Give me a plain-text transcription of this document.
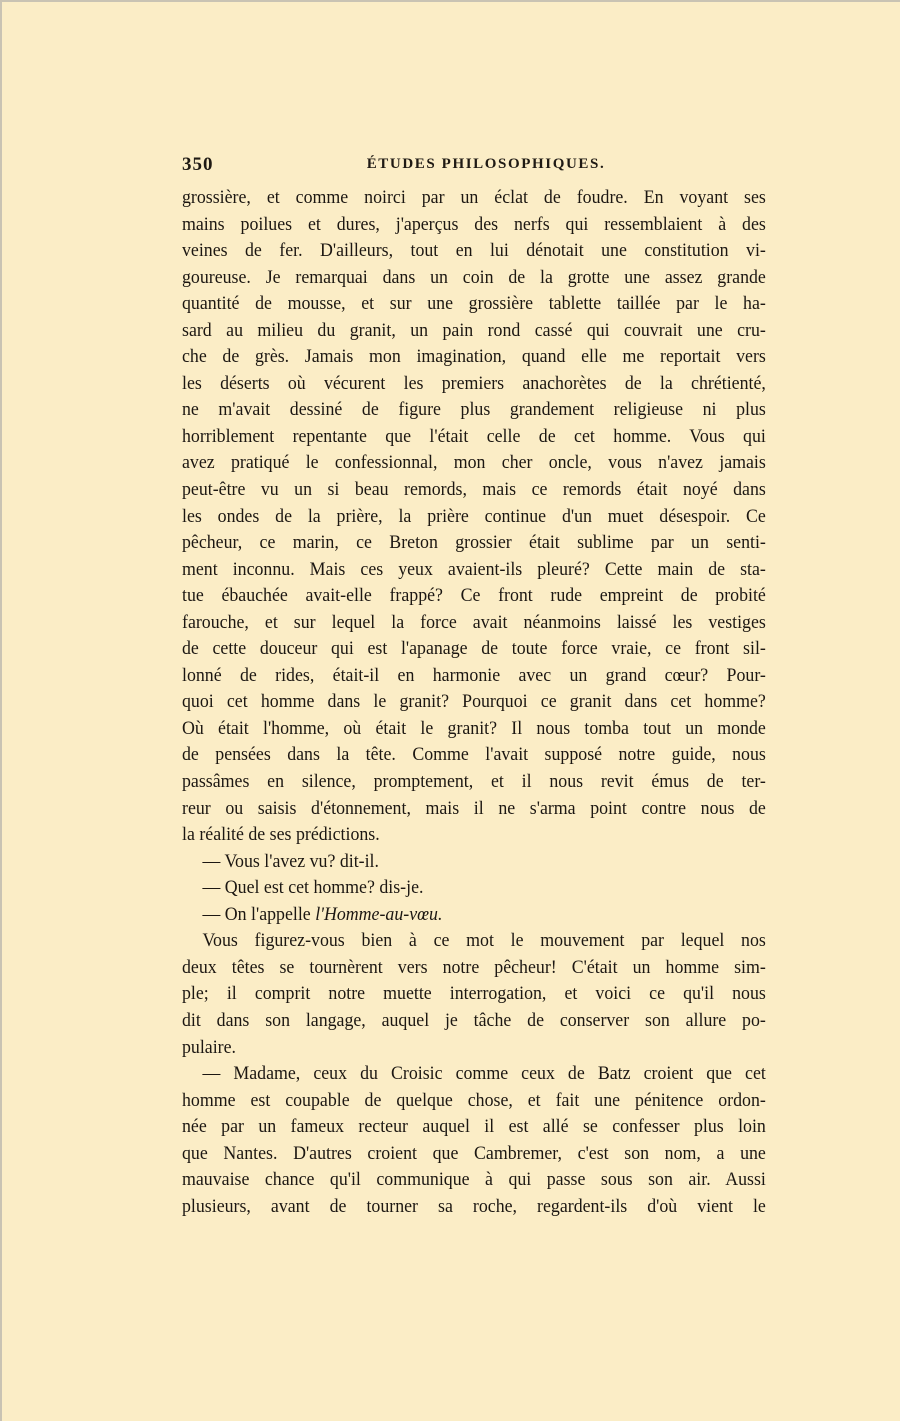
350	ÉTUDES PHILOSOPHIQUES.
grossière, et comme noirci par un éclat de foudre. En voyant ses
mains poilues et dures, j'aperçus des nerfs qui ressemblaient à des
veines de fer. D'ailleurs, tout en lui dénotait une constitution vi-
goureuse. Je remarquai dans un coin de la grotte une assez grande
quantité de mousse, et sur une grossière tablette taillée par le ha-
sard au milieu du granit, un pain rond cassé qui couvrait une cru-
che de grès. Jamais mon imagination, quand elle me reportait vers
les déserts où vécurent les premiers anachorètes de la chrétienté,
ne m'avait dessiné de figure plus grandement religieuse ni plus
horriblement repentante que l'était celle de cet homme. Vous qui
avez pratiqué le confessionnal, mon cher oncle, vous n'avez jamais
peut-être vu un si beau remords, mais ce remords était noyé dans
les ondes de la prière, la prière continue d'un muet désespoir. Ce
pêcheur, ce marin, ce Breton grossier était sublime par un senti-
ment inconnu. Mais ces yeux avaient-ils pleuré? Cette main de sta-
tue ébauchée avait-elle frappé? Ce front rude empreint de probité
farouche, et sur lequel la force avait néanmoins laissé les vestiges
de cette douceur qui est l'apanage de toute force vraie, ce front sil-
lonné de rides, était-il en harmonie avec un grand cœur? Pour-
quoi cet homme dans le granit? Pourquoi ce granit dans cet homme?
Où était l'homme, où était le granit? Il nous tomba tout un monde
de pensées dans la tête. Comme l'avait supposé notre guide, nous
passâmes en silence, promptement, et il nous revit émus de ter-
reur ou saisis d'étonnement, mais il ne s'arma point contre nous de
la réalité de ses prédictions.
— Vous l'avez vu? dit-il.
— Quel est cet homme? dis-je.
— On l'appelle l'Homme-au-vœu.
Vous figurez-vous bien à ce mot le mouvement par lequel nos
deux têtes se tournèrent vers notre pêcheur! C'était un homme sim-
ple; il comprit notre muette interrogation, et voici ce qu'il nous
dit dans son langage, auquel je tâche de conserver son allure po-
pulaire.
— Madame, ceux du Croisic comme ceux de Batz croient que cet
homme est coupable de quelque chose, et fait une pénitence ordon-
née par un fameux recteur auquel il est allé se confesser plus loin
que Nantes. D'autres croient que Cambremer, c'est son nom, a une
mauvaise chance qu'il communique à qui passe sous son air. Aussi
plusieurs, avant de tourner sa roche, regardent-ils d'où vient le
